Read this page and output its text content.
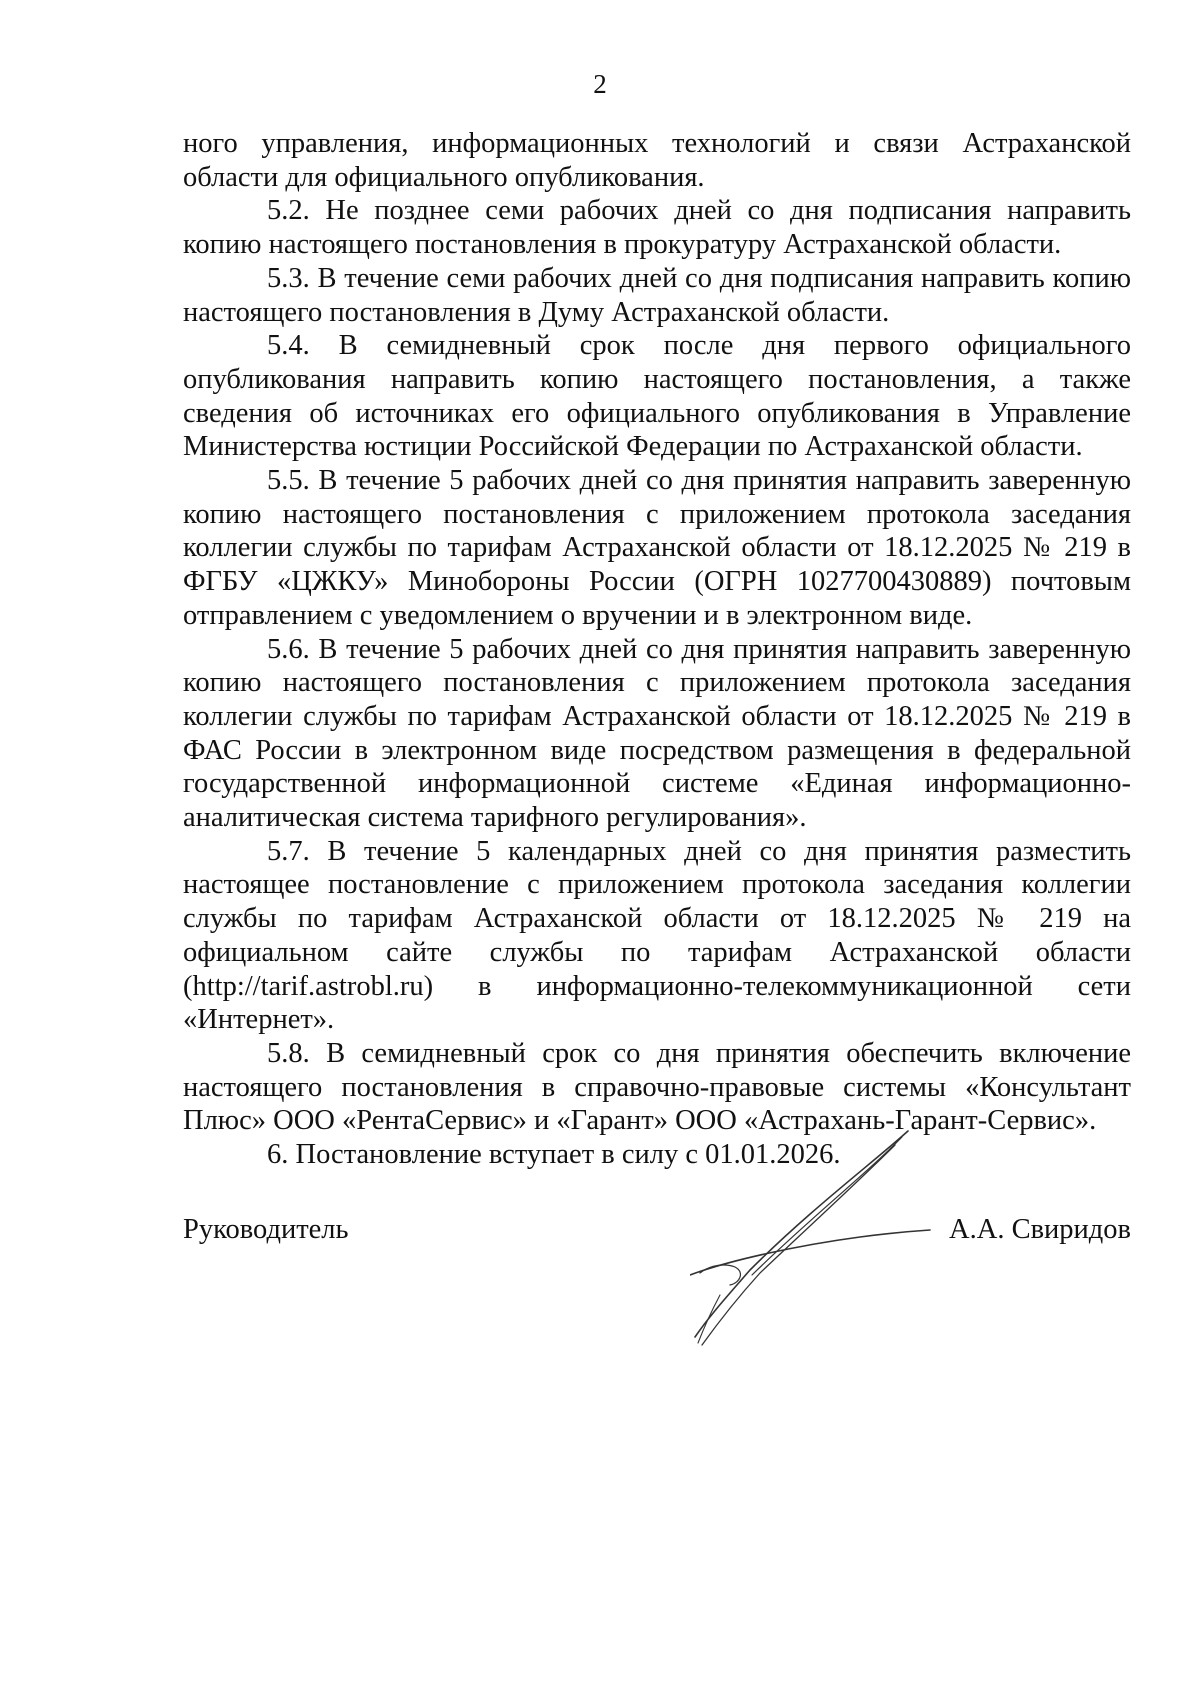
2

ного управления, информационных технологий и связи Астраханской области для официального опубликования.

5.2. Не позднее семи рабочих дней со дня подписания направить копию настоящего постановления в прокуратуру Астраханской области.

5.3. В течение семи рабочих дней со дня подписания направить копию настоящего постановления в Думу Астраханской области.

5.4. В семидневный срок после дня первого официального опубликования направить копию настоящего постановления, а также сведения об источниках его официального опубликования в Управление Министерства юстиции Российской Федерации по Астраханской области.

5.5. В течение 5 рабочих дней со дня принятия направить заверенную копию настоящего постановления с приложением протокола заседания коллегии службы по тарифам Астраханской области от 18.12.2025 № 219 в ФГБУ «ЦЖКУ» Минобороны России (ОГРН 1027700430889) почтовым отправлением с уведомлением о вручении и в электронном виде.

5.6. В течение 5 рабочих дней со дня принятия направить заверенную копию настоящего постановления с приложением протокола заседания коллегии службы по тарифам Астраханской области от 18.12.2025 № 219 в ФАС России в электронном виде посредством размещения в федеральной государственной информационной системе «Единая информационно-аналитическая система тарифного регулирования».

5.7. В течение 5 календарных дней со дня принятия разместить настоящее постановление с приложением протокола заседания коллегии службы по тарифам Астраханской области от 18.12.2025 № 219 на официальном сайте службы по тарифам Астраханской области (http://tarif.astrobl.ru) в информационно-телекоммуникационной сети «Интернет».

5.8. В семидневный срок со дня принятия обеспечить включение настоящего постановления в справочно-правовые системы «Консультант Плюс» ООО «РентаСервис» и «Гарант» ООО «Астрахань-Гарант-Сервис».

6. Постановление вступает в силу с 01.01.2026.

Руководитель	А.А. Свиридов
